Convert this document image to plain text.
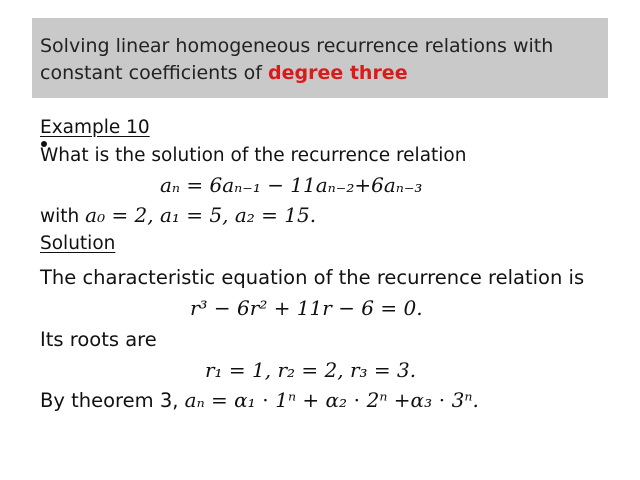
Solving linear homogeneous recurrence relations with constant coefficients of degree three
Example 10
What is the solution of the recurrence relation
aₙ = 6aₙ₋₁ − 11aₙ₋₂+6aₙ₋₃
with a₀ = 2, a₁ = 5, a₂ = 15.
Solution
The characteristic equation of the recurrence relation is
r³ − 6r² + 11r − 6 = 0.
Its roots are
r₁ = 1, r₂ = 2, r₃ = 3.
By theorem 3, aₙ = α₁ ⋅ 1ⁿ + α₂ ⋅ 2ⁿ +α₃ ⋅ 3ⁿ.
